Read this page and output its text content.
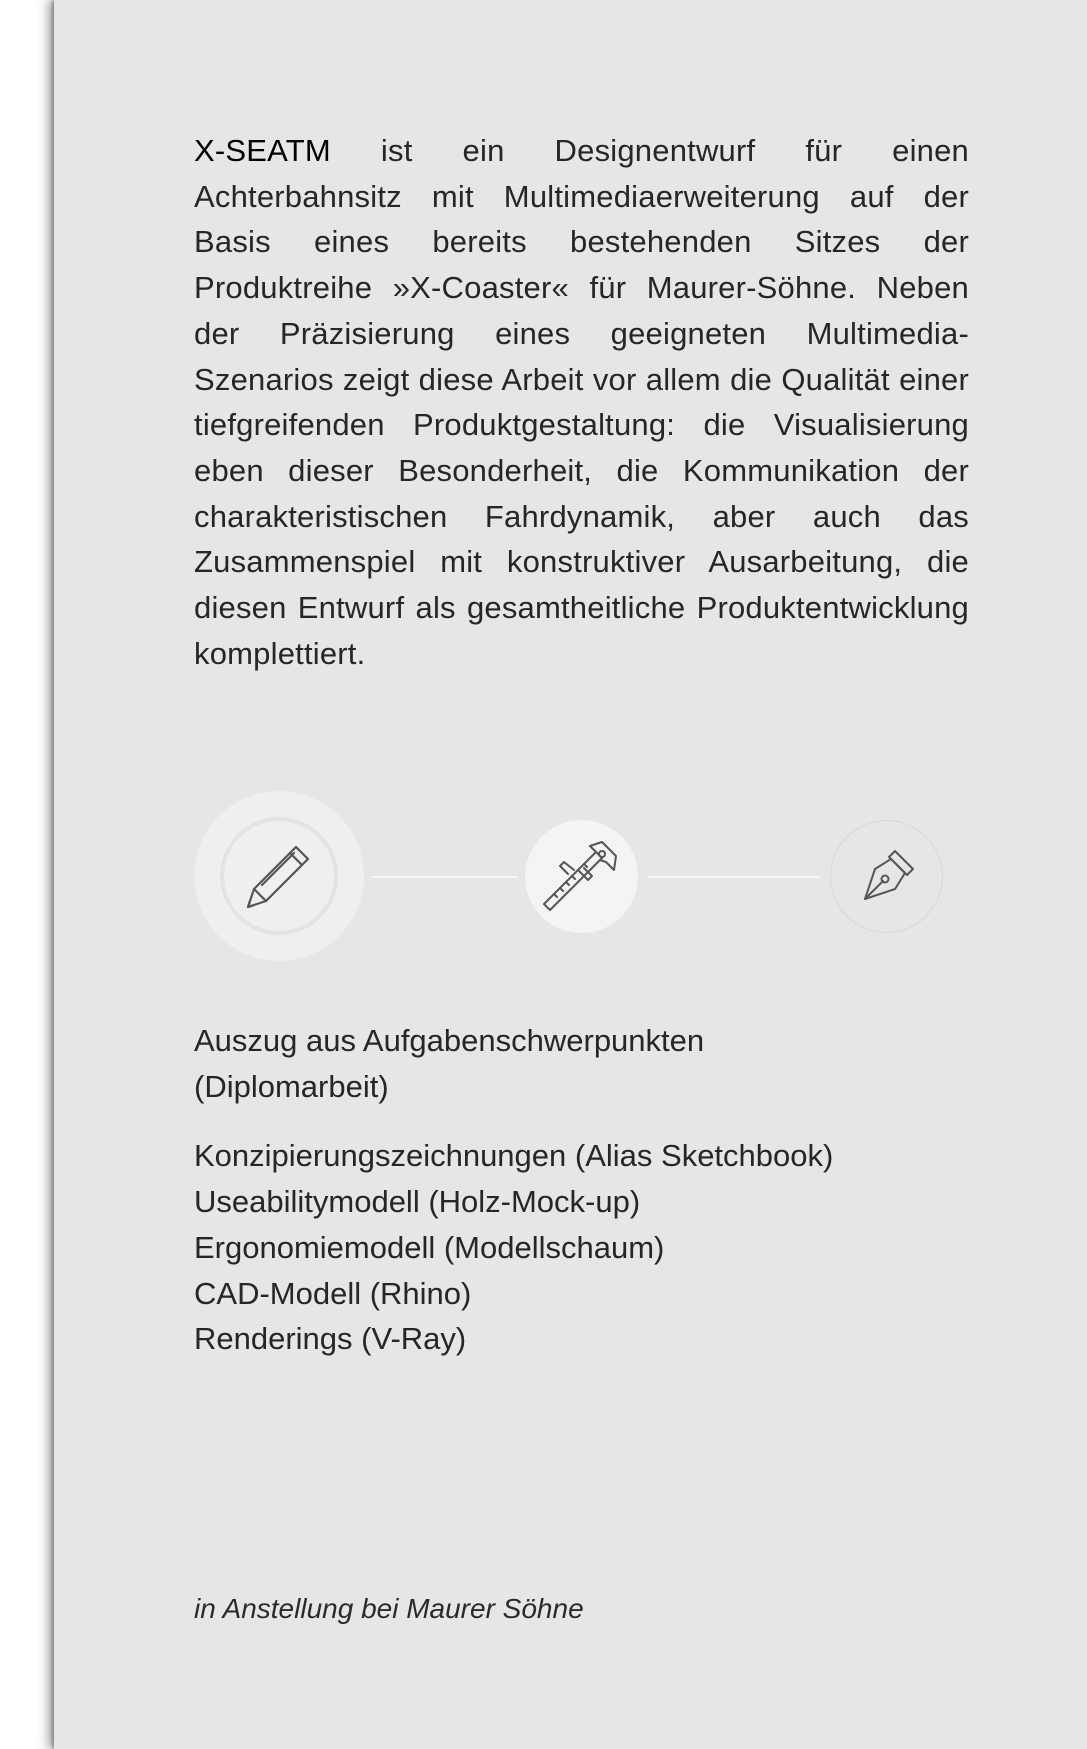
X-SEATM ist ein Designentwurf für einen Achterbahnsitz mit Multimediaerweiterung auf der Basis eines bereits bestehenden Sitzes der Produktreihe »X-Coaster« für Maurer-Söhne. Neben der Präzisierung eines geeigneten Multimedia-Szenarios zeigt diese Arbeit vor allem die Qualität einer tiefgreifenden Produktgestaltung: die Visualisierung eben dieser Besonderheit, die Kommunikation der charakteristischen Fahrdynamik, aber auch das Zusammenspiel mit konstruktiver Ausarbeitung, die diesen Entwurf als gesamtheitliche Produktentwicklung komplettiert.

Auszug aus Aufgabenschwerpunkten
(Diplomarbeit)

Konzipierungszeichnungen (Alias Sketchbook)
Useabilitymodell (Holz-Mock-up)
Ergonomiemodell (Modellschaum)
CAD-Modell (Rhino)
Renderings (V-Ray)
in Anstellung bei Maurer Söhne
